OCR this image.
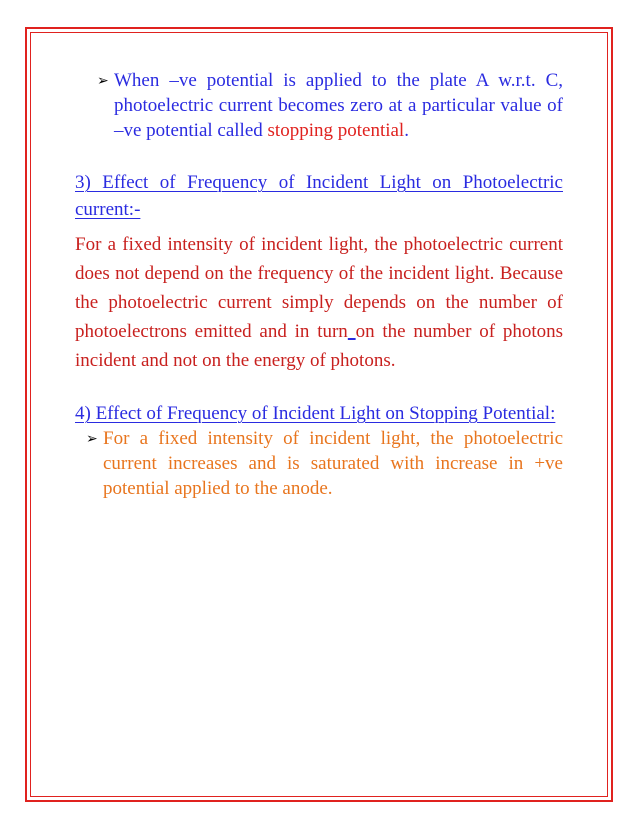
➢ When –ve potential is applied to the plate A w.r.t. C, photoelectric current becomes zero at a particular value of –ve potential called stopping potential.
3) Effect of Frequency of Incident Light on Photoelectric current:-
For a fixed intensity of incident light, the photoelectric current does not depend on the frequency of the incident light. Because the photoelectric current simply depends on the number of photoelectrons emitted and in turn on the number of photons incident and not on the energy of photons.
4) Effect of Frequency of Incident Light on Stopping Potential:
➢ For a fixed intensity of incident light, the photoelectric current increases and is saturated with increase in +ve potential applied to the anode.
